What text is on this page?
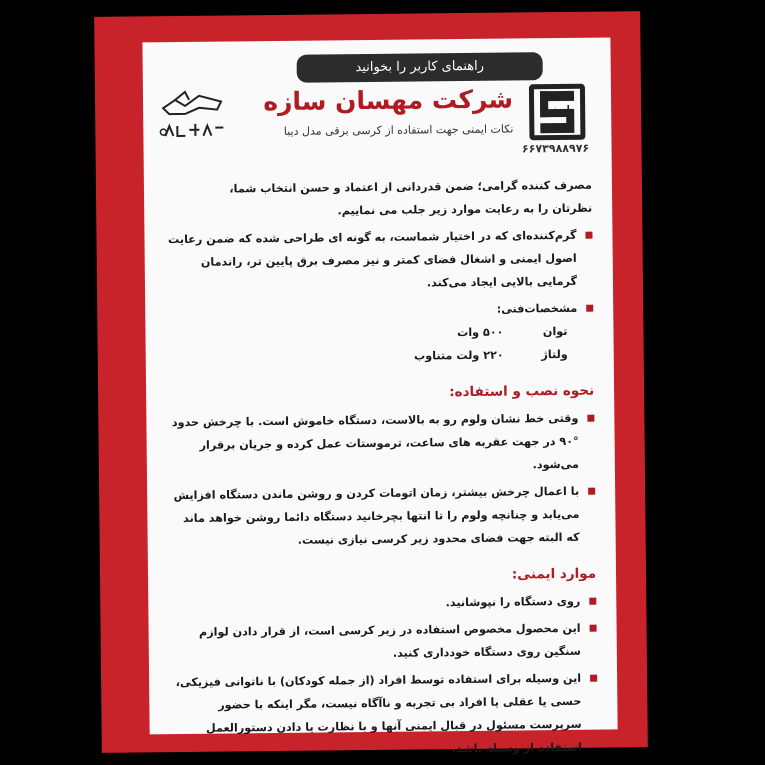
راهنمای کاربر را بخوانید
ایمنی
۶۶۷۳۹۸۸۹۷۶
شرکت مهسان سازه
نکات ایمنی جهت استفاده از کرسی برقی مدل دیبا

مصرف کننده گرامی؛ ضمن قدردانی از اعتماد و حسن انتخاب شما،

نظرتان را به رعایت موارد زیر جلب می نماییم.

گرم‌کننده‌ای که در اختیار شماست، به گونه ای طراحی شده که ضمن رعایت اصول ایمنی و اشغال فضای کمتر و نیز مصرف برق پایین تر، راندمان گرمایی بالایی ایجاد می‌کند.

مشخصات‌فنی:

توان
۵۰۰ وات
ولتاژ
۲۲۰ ولت متناوب
نحوه نصب و استفاده:

وقتی خط نشان ولوم رو به بالاست، دستگاه خاموش است. با چرخش حدود °۹۰ در جهت عقربه های ساعت، ترموستات عمل کرده و جریان برقرار می‌شود.

با اعمال چرخش بیشتر، زمان اتومات کردن و روشن ماندن دستگاه افزایش می‌یابد و چنانچه ولوم را تا انتها بچرخانید دستگاه دائما روشن خواهد ماند که البته جهت فضای محدود زیر کرسی نیازی نیست.

موارد ایمنی:

روی دستگاه را نپوشانید.

این محصول مخصوص استفاده در زیر کرسی است، از قرار دادن لوازم سنگین روی دستگاه خودداری کنید.

این وسیله برای استفاده توسط افراد (از جمله کودکان) با ناتوانی فیزیکی، حسی یا عقلی یا افراد بی تجربه و ناآگاه نیست، مگر اینکه با حضور سرپرست مسئول در قبال ایمنی آنها و با نظارت یا دادن دستورالعمل استفاده از وسیله باشد.
